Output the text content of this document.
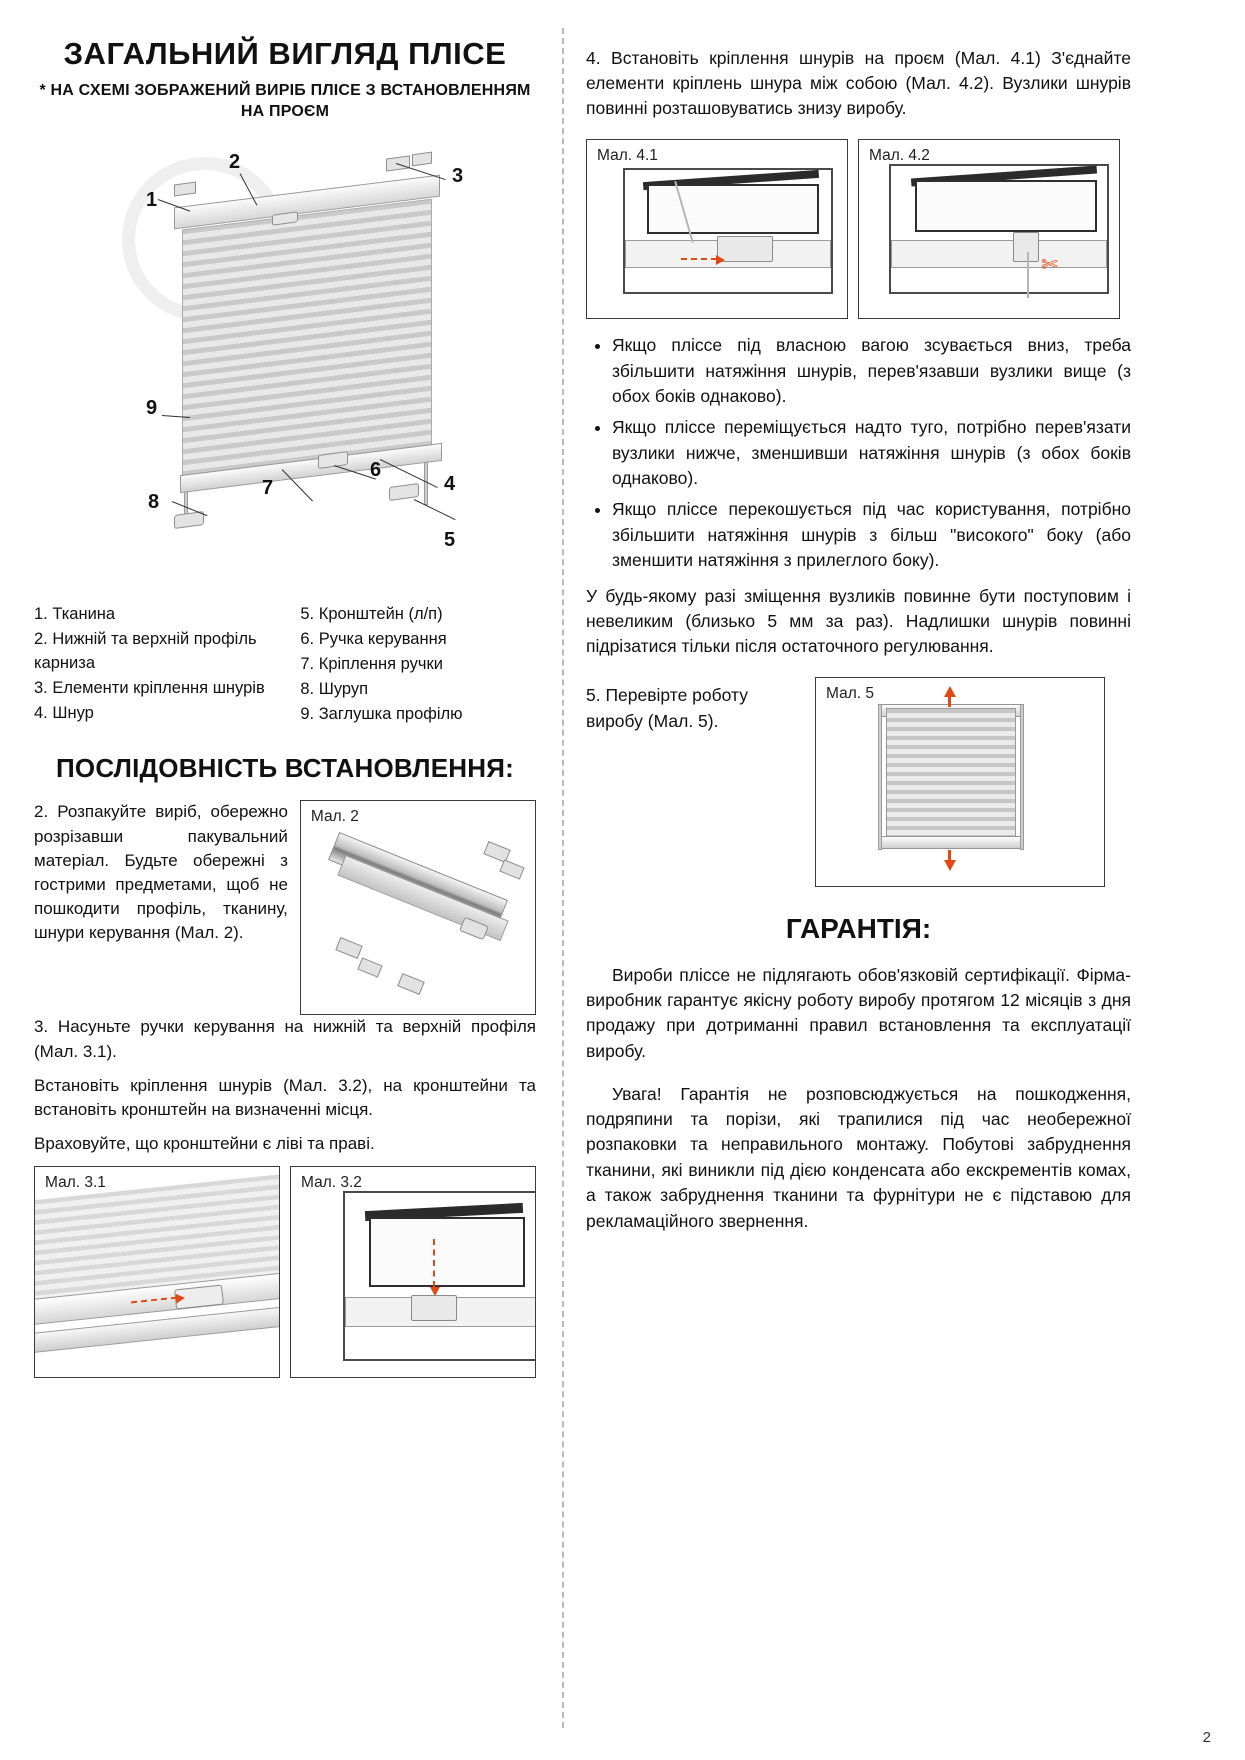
ЗАГАЛЬНИЙ ВИГЛЯД ПЛІСЕ
* НА СХЕМІ ЗОБРАЖЕНИЙ ВИРІБ ПЛІСЕ З ВСТАНОВЛЕННЯМ НА ПРОЄМ
1
2
3
4
5
6
7
8
9
1. Тканина
2. Нижній та верхній профіль карниза
3. Елементи кріплення шнурів
4. Шнур
5. Кронштейн (л/п)
6. Ручка керування
7. Кріплення ручки
8. Шуруп
9. Заглушка профілю
ПОСЛІДОВНІСТЬ ВСТАНОВЛЕННЯ:

2. Розпакуйте виріб, обережно розрізавши пакувальний матеріал. Будьте обережні з гострими предметами, щоб не пошкодити профіль, тканину, шнури керування (Мал. 2).

Мал. 2

3. Насуньте ручки керування на нижній та верхній профіля (Мал. 3.1).

Встановіть кріплення шнурів (Мал. 3.2), на кронштейни та встановіть кронштейн на визначенні місця.

Враховуйте, що кронштейни є ліві та праві.

Мал. 3.1	Мал. 3.2

4. Встановіть кріплення шнурів на проєм (Мал. 4.1) З'єднайте елементи кріплень шнура між собою (Мал. 4.2). Вузлики шнурів повинні розташовуватись знизу виробу.

Мал. 4.1	Мал. 4.2
✄
• Якщо пліссе під власною вагою зсувається вниз, треба збільшити натяжіння шнурів, перев'язавши вузлики вище (з обох боків однаково).
• Якщо пліссе переміщується надто туго, потрібно перев'язати вузлики нижче, зменшивши натяжіння шнурів (з обох боків однаково).
• Якщо пліссе перекошується під час користування, потрібно збільшити натяжіння шнурів з більш "високого" боку (або зменшити натяжіння з прилеглого боку).

У будь-якому разі зміщення вузликів повинне бути поступовим і невеликим (близько 5 мм за раз). Надлишки шнурів повинні підрізатися тільки після остаточного регулювання.

5. Перевірте роботу виробу (Мал. 5).
Мал. 5
ГАРАНТІЯ:

Вироби пліссе не підлягають обов'язковій сертифікації. Фірма-виробник гарантує якісну роботу виробу протягом 12 місяців з дня продажу при дотриманні правил встановлення та експлуатації виробу.

Увага! Гарантія не розповсюджується на пошкодження, подряпини та порізи, які трапилися під час необережної розпаковки та неправильного монтажу. Побутові забруднення тканини, які виникли під дією конденсата або екскрементів комах, а також забруднення тканини та фурнітури не є підставою для рекламаційного звернення.

2
